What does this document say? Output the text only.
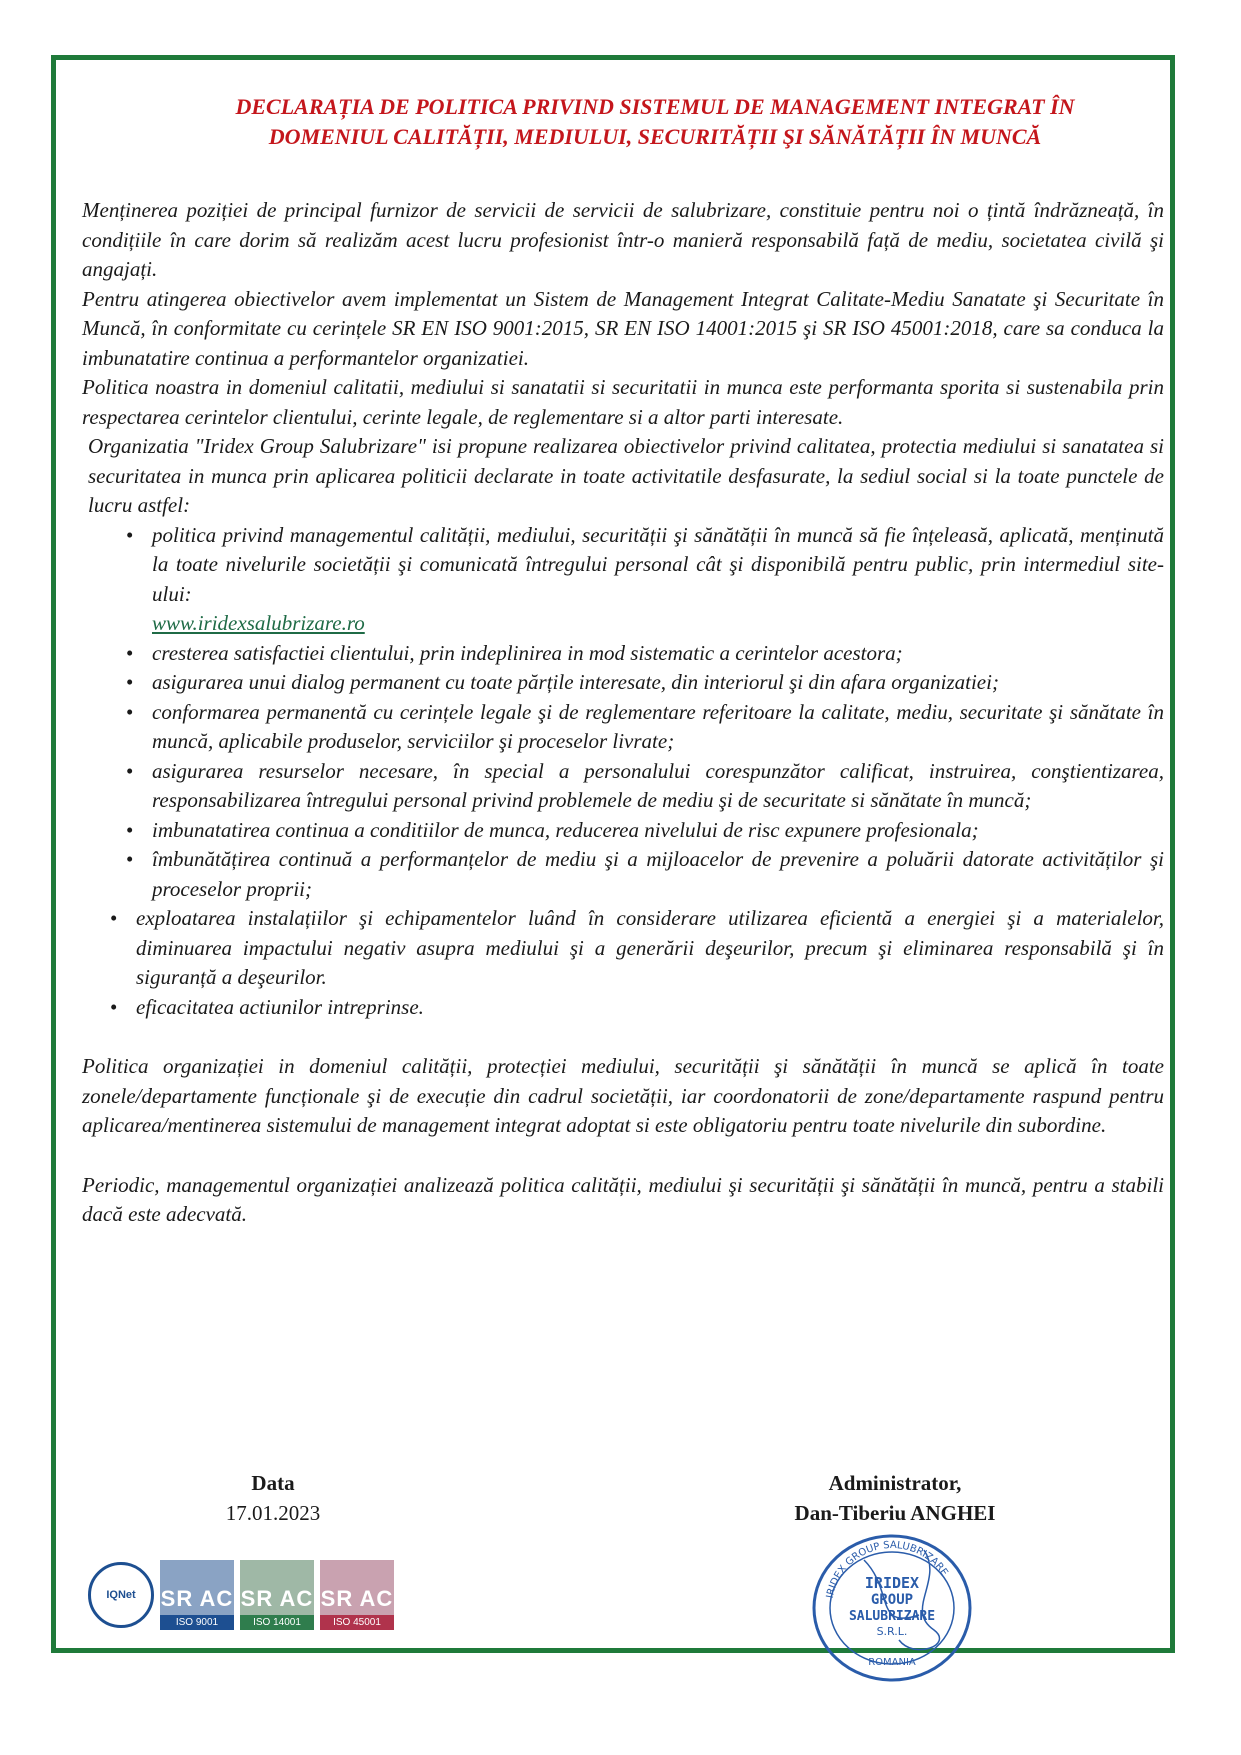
DECLARAȚIA DE POLITICA PRIVIND SISTEMUL DE MANAGEMENT INTEGRAT ÎN
DOMENIUL CALITĂȚII, MEDIULUI, SECURITĂȚII ŞI SĂNĂTĂȚII ÎN MUNCĂ

Menținerea poziției de principal furnizor de servicii de servicii de salubrizare, constituie pentru noi o țintă îndrăzneață, în condițiile în care dorim să realizăm acest lucru profesionist într-o manieră responsabilă față de mediu, societatea civilă şi angajați.

Pentru atingerea obiectivelor avem implementat un Sistem de Management Integrat Calitate-Mediu Sanatate şi Securitate în Muncă, în conformitate cu cerințele SR EN ISO 9001:2015, SR EN ISO 14001:2015 şi SR ISO 45001:2018, care sa conduca la imbunatatire continua a performantelor organizatiei.

Politica noastra in domeniul calitatii, mediului si sanatatii si securitatii in munca este performanta sporita si sustenabila prin respectarea cerintelor clientului, cerinte legale, de reglementare si a altor parti interesate.

Organizatia "Iridex Group Salubrizare" isi propune realizarea obiectivelor privind calitatea, protectia mediului si sanatatea si securitatea in munca prin aplicarea politicii declarate in toate activitatile desfasurate, la sediul social si la toate punctele de lucru astfel:

• politica privind managementul calității, mediului, securității şi sănătății în muncă să fie înțeleasă, aplicată, menținută la toate nivelurile societății şi comunicată întregului personal cât şi disponibilă pentru public, prin intermediul site-ului:
www.iridexsalubrizare.ro
• cresterea satisfactiei clientului, prin indeplinirea in mod sistematic a cerintelor acestora;
• asigurarea unui dialog permanent cu toate părțile interesate, din interiorul şi din afara organizatiei;
• conformarea permanentă cu cerințele legale şi de reglementare referitoare la calitate, mediu, securitate şi sănătate în muncă, aplicabile produselor, serviciilor şi proceselor livrate;
• asigurarea resurselor necesare, în special a personalului corespunzător calificat, instruirea, conştientizarea, responsabilizarea întregului personal privind problemele de mediu şi de securitate si sănătate în muncă;
• imbunatatirea continua a conditiilor de munca, reducerea nivelului de risc expunere profesionala;
• îmbunătățirea continuă a performanțelor de mediu şi a mijloacelor de prevenire a poluării datorate activităților şi proceselor proprii;
• exploatarea instalațiilor şi echipamentelor luând în considerare utilizarea eficientă a energiei şi a materialelor, diminuarea impactului negativ asupra mediului şi a generării deşeurilor, precum şi eliminarea responsabilă şi în siguranță a deşeurilor.
• eficacitatea actiunilor intreprinse.

Politica organizației in domeniul calității, protecției mediului, securității şi sănătății în muncă se aplică în toate zonele/departamente funcționale şi de execuție din cadrul societății, iar coordonatorii de zone/departamente raspund pentru aplicarea/mentinerea sistemului de management integrat adoptat si este obligatoriu pentru toate nivelurile din subordine.

Periodic, managementul organizației analizează politica calității, mediului şi securității şi sănătății în muncă, pentru a stabili dacă este adecvată.

Data
17.01.2023
Administrator,
Dan-Tiberiu ANGHEI
IQNet SR AC
ISO 9001
SR AC
ISO 14001
SR AC
ISO 45001
IRIDEX GROUP SALUBRIZARE
IRIDEX
GROUP
SALUBRIZARE
S.R.L.
ROMANIA
